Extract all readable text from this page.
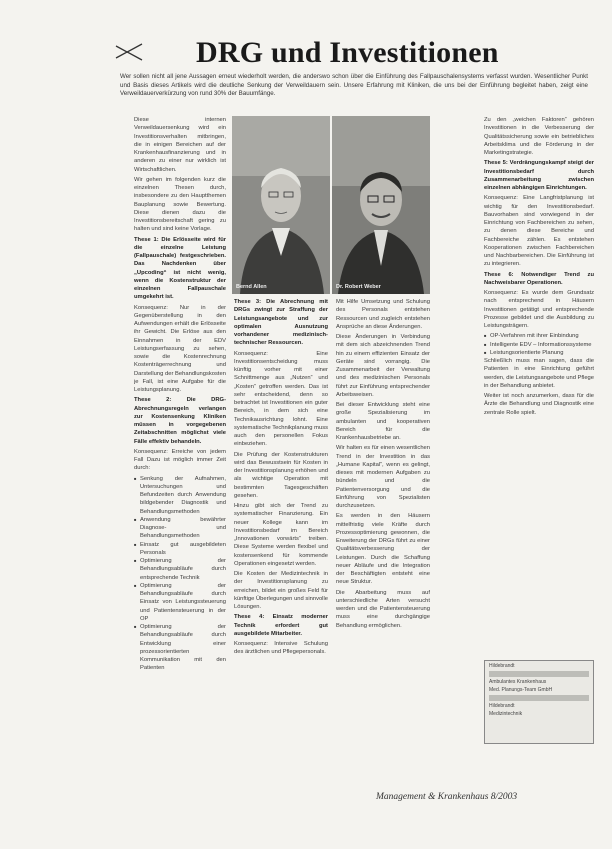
DRG und Investitionen
Wer sollen nicht all jene Aussagen erneut wiederholt werden, die anderswo schon über die Einführung des Fallpauschalensystems verfasst wurden. Wesentlicher Punkt und Basis dieses Artikels wird die deutliche Senkung der Verweildauern sein. Unsere Erfahrung mit Kliniken, die uns bei der Einführung begleitet haben, zeigt eine Verweildauerverkürzung von rund 30% der Bauumfänge.

Diese internen Verweildauersenkung wird ein Investitionsverhalten mitbringen, die in einigen Bereichen auf der Krankenhausfinanzierung und in anderen zu einer nur wirklich ist Wirtschaftlichen.

Wir gehen im folgenden kurz die einzelnen Thesen durch, insbesondere zu den Hauptthemen Bauplanung sowie Bewertung. Diese dienen dazu die Investitionsbereitschaft gering zu halten und sind keine Vorlage.

These 1: Die Erlösseite wird für die einzelne Leistung (Fallpauschale) festgeschrieben. Das Nachdenken über „Upcoding“ ist nicht wenig, wenn die Kostenstruktur der einzelnen Fallpauschale umgekehrt ist.

Konsequenz: Nur in der Gegenüberstellung in den Aufwendungen erhält die Erlösseite ihr Gewicht. Die Erlöse aus den Einnahmen in der EDV Leistungserfassung zu sehen, sowie die Kostenrechnung Kostenträgerrechnung und Darstellung der Behandlungskosten je Fall, ist eine Aufgabe für die Leistungsplanung.

These 2: Die DRG-Abrechnungsregeln verlangen zur Kostensenkung Kliniken müssen in vorgegebenen Zeitabschnitten möglichst viele Fälle effektiv behandeln.

Konsequenz: Erreiche von jedem Fall Dazu ist möglich immer Zeit durch:

■ Senkung der Aufnahmen, Untersuchungen und Befundzeiten durch Anwendung bildgebender Diagnostik und Behandlungsmethoden
■ Anwendung bewährter Diagnose- und Behandlungsmethoden
■ Einsatz gut ausgebildeten Personals
■ Optimierung der Behandlungsabläufe durch entsprechende Technik
■ Optimierung der Behandlungsabläufe durch Einsatz von Leistungssteuerung und Patientensteuerung in der OP
■ Optimierung der Behandlungsabläufe durch Entwicklung einer prozessorientierten Kommunikation mit den Patienten
Bernd Allen	Dr. Robert Weber

These 3: Die Abrechnung mit DRGs zwingt zur Straffung der Leistungsangebote und zur optimalen Ausnutzung vorhandener medizinisch-technischer Ressourcen.

Konsequenz: Eine Investitionsentscheidung muss künftig vorher mit einer Schnittmenge aus „Nutzen“ und „Kosten“ getroffen werden. Das ist sehr entscheidend, denn so betrachtet ist Investitionen ein guter Bereich, in dem sich eine Technikausrichtung lohnt. Eine systematische Technikplanung muss auch den personellen Fokus einbeziehen.

Die Prüfung der Kostenstrukturen wird das Bewusstsein für Kosten in der Investitionsplanung erhöhen und als wichtige Operation mit bestimmten Tagesgeschäften gesehen.

Hinzu gibt sich der Trend zu systematischer Finanzierung. Ein neuer Kollege kann im Investitionsbedarf im Bereich „Innovationen vorwärts“ treiben. Diese Systeme werden flexibel und kostensenkend für kommende Operationen eingesetzt werden.

Die Kosten der Medizintechnik in der Investitionsplanung zu erreichen, bildet ein großes Feld für künftige Überlegungen und sinnvolle Lösungen.

These 4: Einsatz moderner Technik erfordert gut ausgebildete Mitarbeiter.

Konsequenz: Intensive Schulung des ärztlichen und Pflegepersonals.

Mit Hilfe Umsetzung und Schulung des Personals entstehen Ressourcen und zugleich entstehen Ansprüche an diese Änderungen.

Diese Änderungen in Verbindung mit dem sich abzeichnenden Trend hin zu einem effizienten Einsatz der Geräte sind vorrangig. Die Zusammenarbeit der Verwaltung und des medizinischen Personals führt zur Einführung entsprechender Arbeitsweisen.

Bei dieser Entwicklung steht eine große Spezialisierung im ambulanten und kooperativen Bereich für die Krankenhausbetriebe an.

Wir halten es für einen wesentlichen Trend in der Investition in das „Humane Kapital“, wenn es gelingt, dieses mit modernen Aufgaben zu bündeln und die Patientenversorgung und die Einführung von Spezialisten durchzusetzen.

Es werden in den Häusern mittelfristig viele Kräfte durch Prozessoptimierung gewonnen, die Erweiterung der DRGs führt zu einer Qualitätsverbesserung der Leistungen. Durch die Schaffung neuer Abläufe und die Integration der Beschäftigten entsteht eine neue Struktur.

Die Abarbeitung muss auf unterschiedliche Arten versucht werden und die Patientensteuerung muss eine durchgängige Behandlung ermöglichen.

Zu den „weichen Faktoren“ gehören Investitionen in die Verbesserung der Qualitätssicherung sowie ein betriebliches Arbeitsklima und die Förderung in der Marketingstrategie.

These 5: Verdrängungskampf steigt der Investitionsbedarf durch Zusammenarbeitung zwischen einzelnen abhängigen Einrichtungen.

Konsequenz: Eine Langfristplanung ist wichtig für den Investitionsbedarf. Bauvorhaben sind vorwiegend in der Einrichtung von Fachbereichen zu sehen, zu denen diese Bereiche und Fachbereiche zählen. Es entstehen Kooperationen zwischen Fachbereichen und Nachbarbereichen. Die Einführung ist zu integrieren.

These 6: Notwendiger Trend zu Nachweisbarer Operationen.

Konsequenz: Es wurde dem Grundsatz nach entsprechend in Häusern Investitionen getätigt und entsprechende Prozesse gebildet und die Ausbildung zu Leistungsträgern.

■ OP-Verfahren mit ihrer Einbindung
■ Intelligente EDV – Informationssysteme
■ Leistungsorientierte Planung

Schließlich muss man sagen, dass die Patienten in eine Einrichtung geführt werden, die Leistungsangebote und Pflege in der Behandlung anbietet.

Weiter ist noch anzumerken, dass für die Ärzte die Behandlung und Diagnostik eine zentrale Rolle spielt.

Hildebrandt
Ambulantes Krankenhaus
Med. Planungs-Team GmbH
Hildebrandt
Medizintechnik
Management & Krankenhaus 8/2003
